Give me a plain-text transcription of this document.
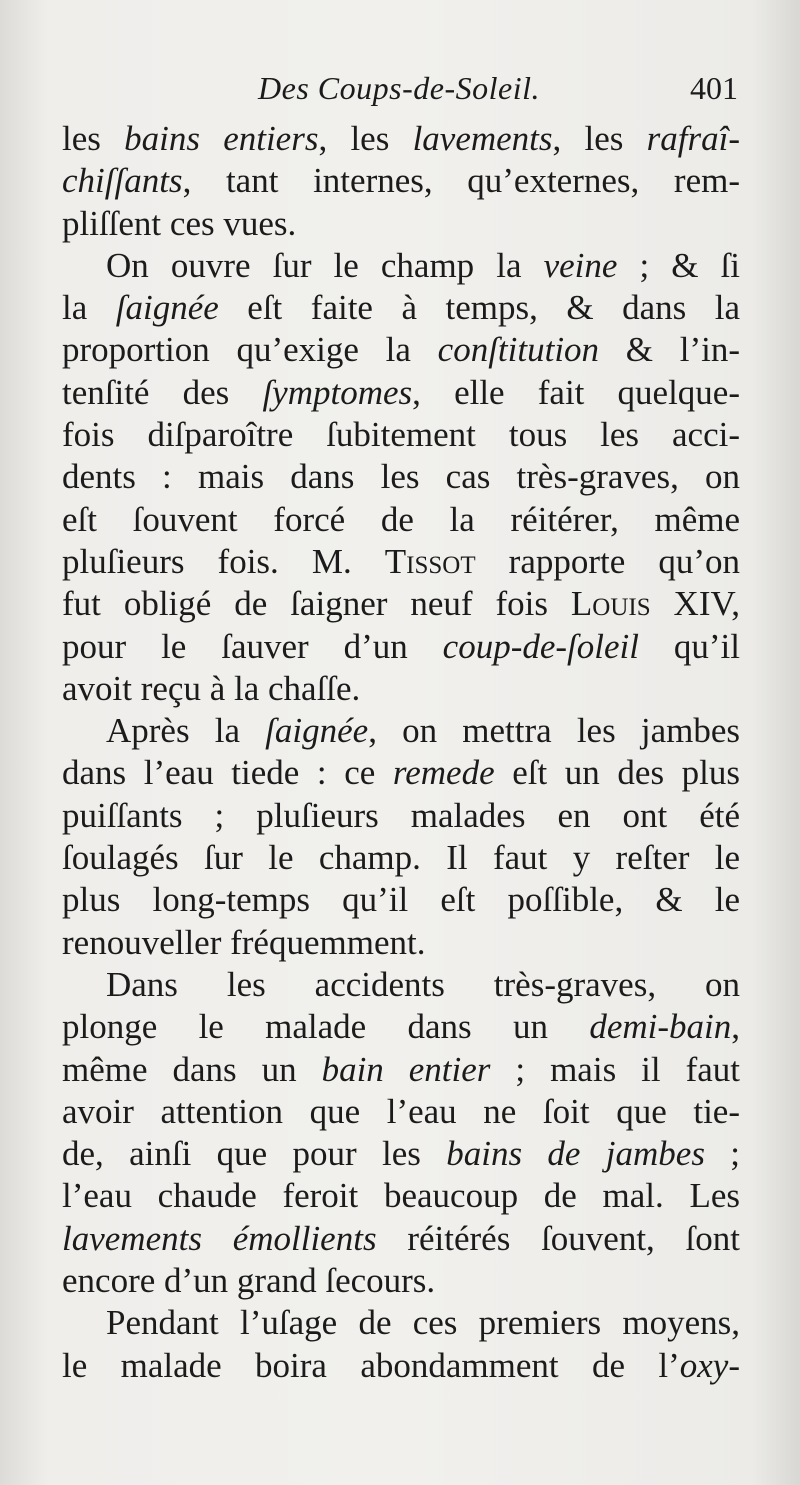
Des Coups-de-Soleil.	401
les bains entiers, les lavements, les rafraî-
chiſſants, tant internes, qu’externes, rem-
pliſſent ces vues.
On ouvre ſur le champ la veine ; & ſi
la ſaignée eſt faite à temps, & dans la
proportion qu’exige la conſtitution & l’in-
tenſité des ſymptomes, elle fait quelque-
fois diſparoître ſubitement tous les acci-
dents : mais dans les cas très-graves, on
eſt ſouvent forcé de la réitérer, même
pluſieurs fois. M. Tissot rapporte qu’on
fut obligé de ſaigner neuf fois Louis XIV,
pour le ſauver d’un coup-de-ſoleil qu’il
avoit reçu à la chaſſe.
Après la ſaignée, on mettra les jambes
dans l’eau tiede : ce remede eſt un des plus
puiſſants ; pluſieurs malades en ont été
ſoulagés ſur le champ. Il faut y reſter le
plus long-temps qu’il eſt poſſible, & le
renouveller fréquemment.
Dans les accidents très-graves, on
plonge le malade dans un demi-bain,
même dans un bain entier ; mais il faut
avoir attention que l’eau ne ſoit que tie-
de, ainſi que pour les bains de jambes ;
l’eau chaude feroit beaucoup de mal. Les
lavements émollients réitérés ſouvent, ſont
encore d’un grand ſecours.
Pendant l’uſage de ces premiers moyens,
le malade boira abondamment de l’oxy-
